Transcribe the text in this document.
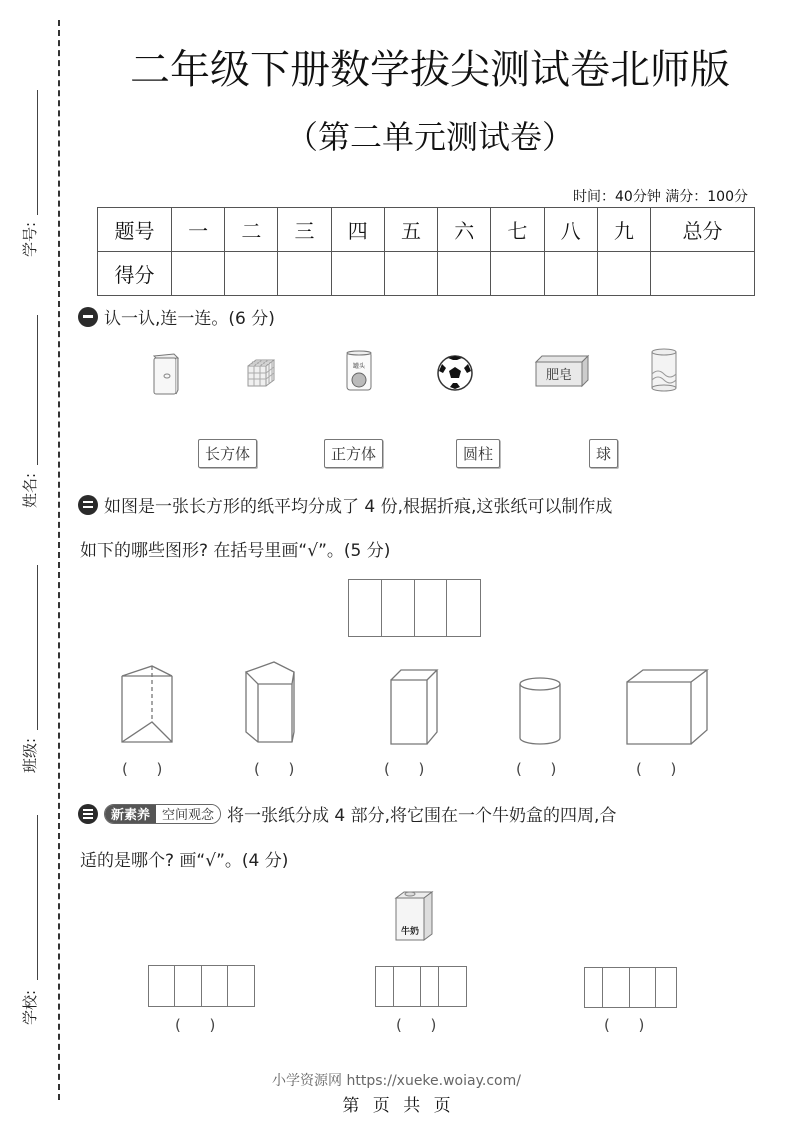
学号:
姓名:
班级:
学校:
二年级下册数学拔尖测试卷北师版
（第二单元测试卷）
时间：40分钟 满分：100分
题号	一	二	三	四	五	六	七	八	九	总分
得分										
认一认,连一连。(6 分)
罐头
肥皂
长方体	正方体	圆柱	球
如图是一张长方形的纸平均分成了 4 份,根据折痕,这张纸可以制作成
如下的哪些图形? 在括号里画“√”。(5 分)
(      )	(      )	(      )	(      )	(      )
新素养 空间观念 将一张纸分成 4 部分,将它围在一个牛奶盒的四周,合
适的是哪个? 画“√”。(4 分)
牛奶
(      )	(      )	(      )
小学资源网 https://xueke.woiay.com/
第 页 共 页
